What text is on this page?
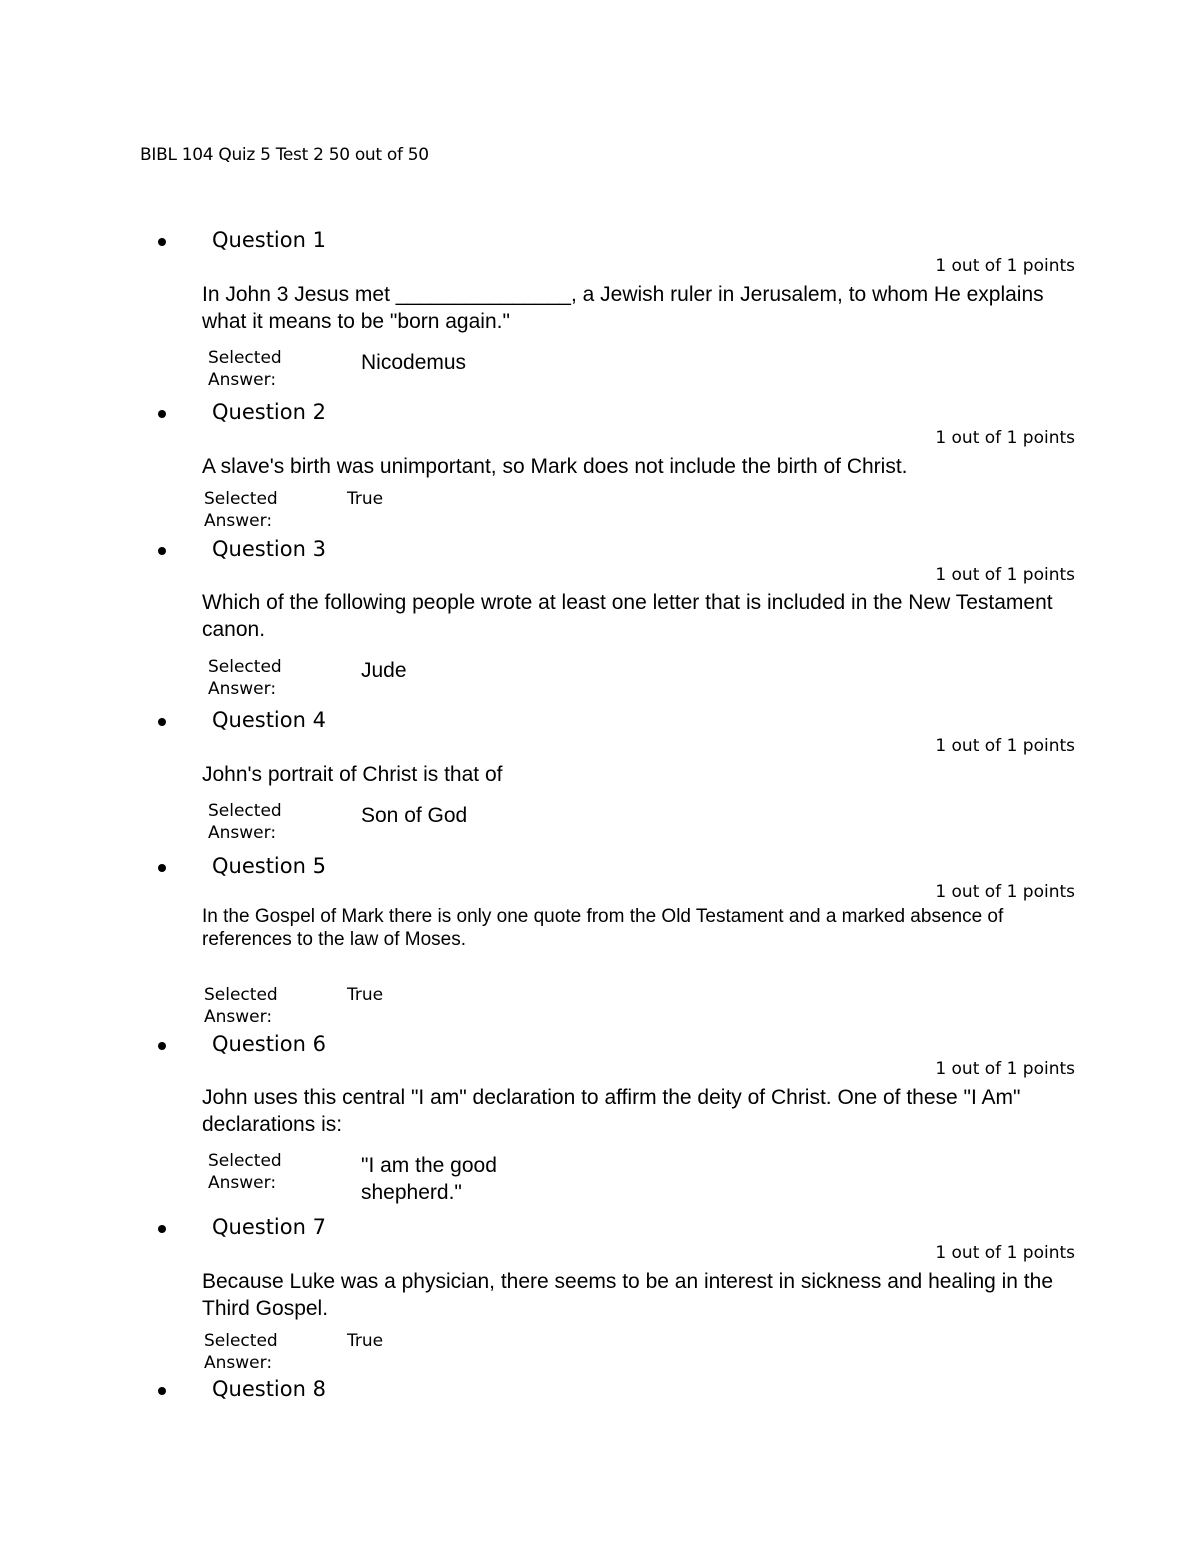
BIBL 104 Quiz 5 Test 2 50 out of 50
Question 1
1 out of 1 points
In John 3 Jesus met _______________, a Jewish ruler in Jerusalem, to whom He explains what it means to be "born again."
Selected Answer:
Nicodemus
Question 2
1 out of 1 points
A slave's birth was unimportant, so Mark does not include the birth of Christ.
Selected Answer:
True
Question 3
1 out of 1 points
Which of the following people wrote at least one letter that is included in the New Testament canon.
Selected Answer:
Jude
Question 4
1 out of 1 points
John's portrait of Christ is that of
Selected Answer:
Son of God
Question 5
1 out of 1 points
In the Gospel of Mark there is only one quote from the Old Testament and a marked absence of references to the law of Moses.
Selected Answer:
True
Question 6
1 out of 1 points
John uses this central "I am" declaration to affirm the deity of Christ. One of these "I Am" declarations is:
Selected Answer:
"I am the good shepherd."
Question 7
1 out of 1 points
Because Luke was a physician, there seems to be an interest in sickness and healing in the Third Gospel.
Selected Answer:
True
Question 8
